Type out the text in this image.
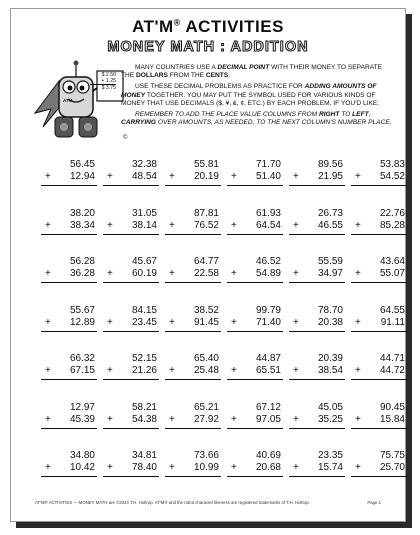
AT'M® ACTIVITIES
MONEY MATH : ADDITION
$ 2.50
+ 1.25
$ 3.75
ATM
©

MANY COUNTRIES USE A DECIMAL POINT WITH THEIR MONEY TO SEPARATE THE DOLLARS FROM THE CENTS.

USE THESE DECIMAL PROBLEMS AS PRACTICE FOR ADDING AMOUNTS OF MONEY TOGETHER. YOU MAY PUT THE SYMBOL USED FOR VARIOUS KINDS OF MONEY THAT USE DECIMALS ($, ¥, ₤, ¢, ETC.) BY EACH PROBLEM, IF YOU'D LIKE.

REMEMBER TO ADD THE PLACE VALUE COLUMNS FROM RIGHT TO LEFT, CARRYING OVER AMOUNTS, AS NEEDED, TO THE NEXT COLUMN'S NUMBER PLACE.

56.45
+ 12.94
32.38
+ 48.54
55.81
+ 20.19
71.70
+ 51.40
89.56
+ 21.95
53.83
+ 54.52
38.20
+ 38.34
31.05
+ 38.14
87.81
+ 76.52
61.93
+ 64.54
26.73
+ 46.55
22.76
+ 85.28
56.28
+ 36.28
45.67
+ 60.19
64.77
+ 22.58
46.52
+ 54.89
55.59
+ 34.97
43.64
+ 55.07
55.67
+ 12.89
84.15
+ 23.45
38.52
+ 91.45
99.79
+ 71.40
78.70
+ 20.38
64.55
+ 91.11
66.32
+ 67.15
52.15
+ 21.26
65.40
+ 25.48
44.87
+ 65.51
20.39
+ 38.54
44.71
+ 44.72
12.97
+ 45.39
58.21
+ 54.38
65.21
+ 27.92
67.12
+ 97.05
45.05
+ 35.25
90.45
+ 15.84
34.80
+ 10.42
34.81
+ 78.40
73.66
+ 10.99
40.69
+ 20.68
23.35
+ 15.74
75.75
+ 25.70
AT'M® ACTIVITIES — MONEY MATH are ©2024 T.H. Holtrop. AT'M® and the robot character likeness are registered trademarks of T.H. Holtrop.	Page 1
